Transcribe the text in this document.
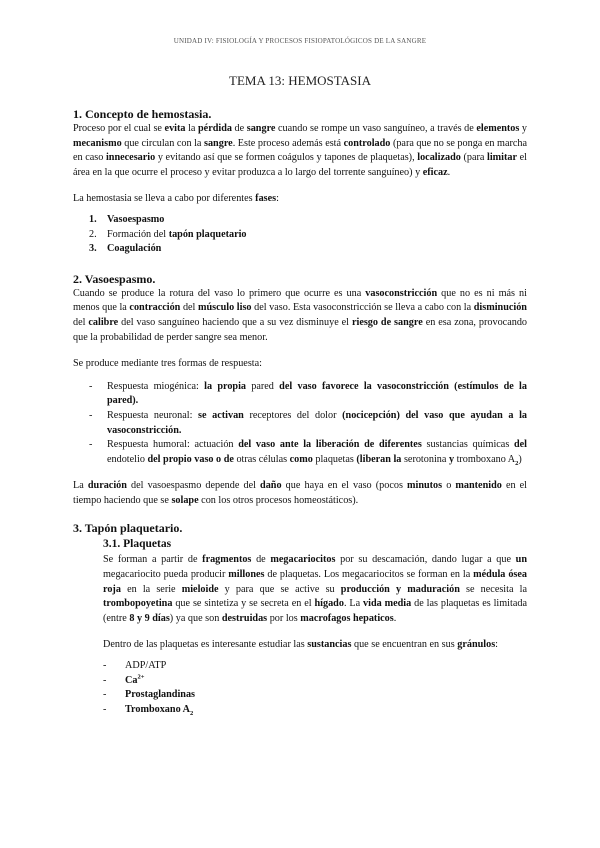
UNIDAD IV: FISIOLOGÍA Y PROCESOS FISIOPATOLÓGICOS DE LA SANGRE
TEMA 13: HEMOSTASIA
1. Concepto de hemostasia.

Proceso por el cual se evita la pérdida de sangre cuando se rompe un vaso sanguíneo, a través de elementos y mecanismo que circulan con la sangre. Este proceso además está controlado (para que no se ponga en marcha en caso innecesario y evitando así que se formen coágulos y tapones de plaquetas), localizado (para limitar el área en la que ocurre el proceso y evitar produzca a lo largo del torrente sanguíneo) y eficaz.

La hemostasia se lleva a cabo por diferentes fases:

1.	Vasoespasmo
2.	Formación del
tapón plaquetario
3.	Coagulación
2. Vasoespasmo.

Cuando se produce la rotura del vaso lo primero que ocurre es una vasoconstricción que no es ni más ni menos que la contracción del músculo liso del vaso. Esta vasoconstricción se lleva a cabo con la disminución del calibre del vaso sanguíneo haciendo que a su vez disminuye el riesgo de sangre en esa zona, provocando que la probabilidad de perder sangre sea menor.

Se produce mediante tres formas de respuesta:

-	Respuesta miogénica: la propia pared del vaso favorece la vasoconstricción (estímulos de la pared).
-	Respuesta neuronal: se activan receptores del dolor (nocicepción) del vaso que ayudan a la vasoconstricción.
-	Respuesta humoral: actuación del vaso ante la liberación de diferentes sustancias químicas del endotelio del propio vaso o de otras células como plaquetas (liberan la serotonina y tromboxano $A_2$)

La duración del vasoespasmo depende del daño que haya en el vaso (pocos minutos o mantenido en el tiempo haciendo que se solape con los otros procesos homeostáticos).

3. Tapón plaquetario.
3.1. Plaquetas

Se forman a partir de fragmentos de megacariocitos por su descamación, dando lugar a que un megacariocito pueda producir millones de plaquetas. Los megacariocitos se forman en la médula ósea roja en la serie mieloide y para que se active su producción y maduración se necesita la trombopoyetina que se sintetiza y se secreta en el hígado. La vida media de las plaquetas es limitada (entre 8 y 9 días) ya que son destruidas por los macrofagos hepaticos.

Dentro de las plaquetas es interesante estudiar las sustancias que se encuentran en sus gránulos:

-	ADP/ATP
-	$Ca^{2+}$
-	Prostaglandinas
-	Tromboxano $A_2$
